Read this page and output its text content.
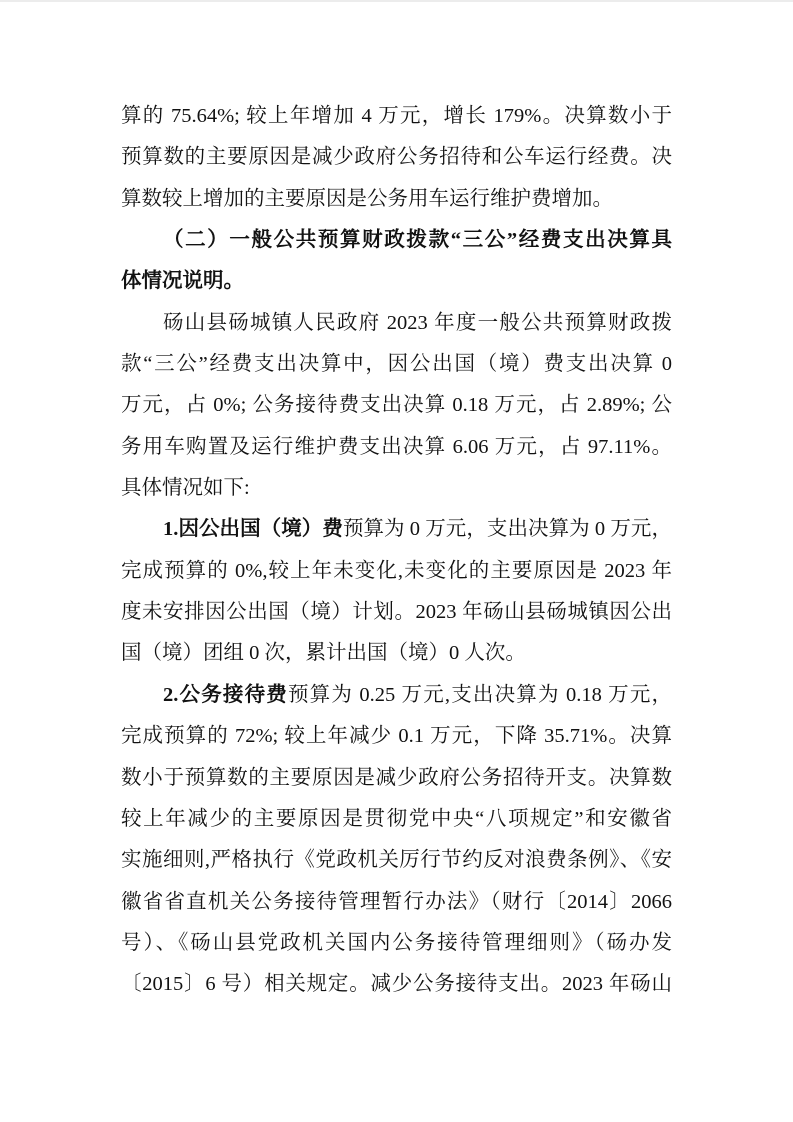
算的 75.64%; 较上年增加 4 万元，增长 179%。决算数小于
预算数的主要原因是减少政府公务招待和公车运行经费。决
算数较上增加的主要原因是公务用车运行维护费增加。
（二）一般公共预算财政拨款“三公”经费支出决算具
体情况说明。
砀山县砀城镇人民政府 2023 年度一般公共预算财政拨
款“三公”经费支出决算中，因公出国（境）费支出决算 0
万元，占 0%; 公务接待费支出决算 0.18 万元，占 2.89%; 公
务用车购置及运行维护费支出决算 6.06 万元，占 97.11%。
具体情况如下:
1.因公出国（境）费预算为 0 万元，支出决算为 0 万元，
完成预算的 0%,较上年未变化,未变化的主要原因是 2023 年
度未安排因公出国（境）计划。2023 年砀山县砀城镇因公出
国（境）团组 0 次，累计出国（境）0 人次。
2.公务接待费预算为 0.25 万元,支出决算为 0.18 万元，
完成预算的 72%; 较上年减少 0.1 万元，下降 35.71%。决算
数小于预算数的主要原因是减少政府公务招待开支。决算数
较上年减少的主要原因是贯彻党中央“八项规定”和安徽省
实施细则,严格执行《党政机关厉行节约反对浪费条例》、《安
徽省省直机关公务接待管理暂行办法》（财行〔2014〕2066
号）、《砀山县党政机关国内公务接待管理细则》（砀办发
〔2015〕6 号）相关规定。减少公务接待支出。2023 年砀山
